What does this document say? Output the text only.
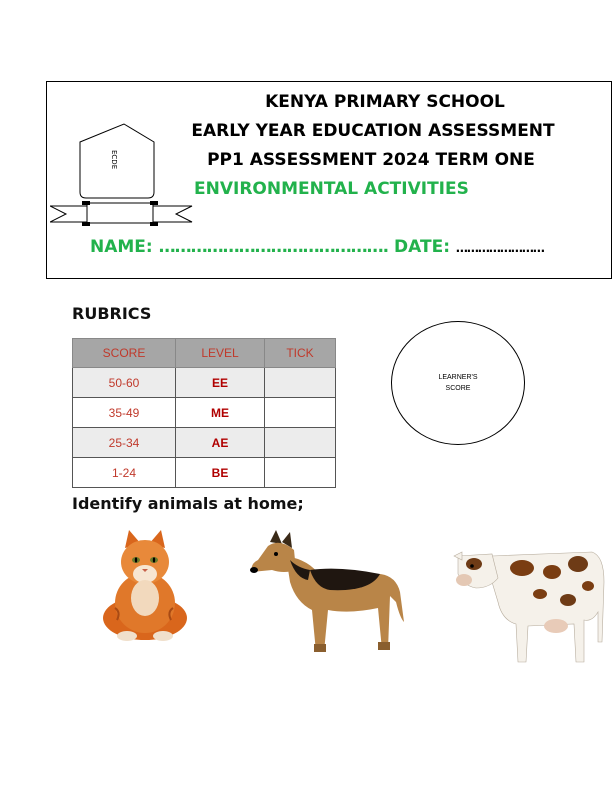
ECDE
KENYA PRIMARY SCHOOL
EARLY YEAR EDUCATION ASSESSMENT
PP1 ASSESSMENT 2024 TERM ONE
ENVIRONMENTAL ACTIVITIES
NAME: ……………………………………. DATE: ……………………
RUBRICS
SCORE	LEVEL	TICK
50-60	EE	
35-49	ME	
25-34	AE	
1-24	BE	
LEARNER'S
SCORE
Identify animals at home;
